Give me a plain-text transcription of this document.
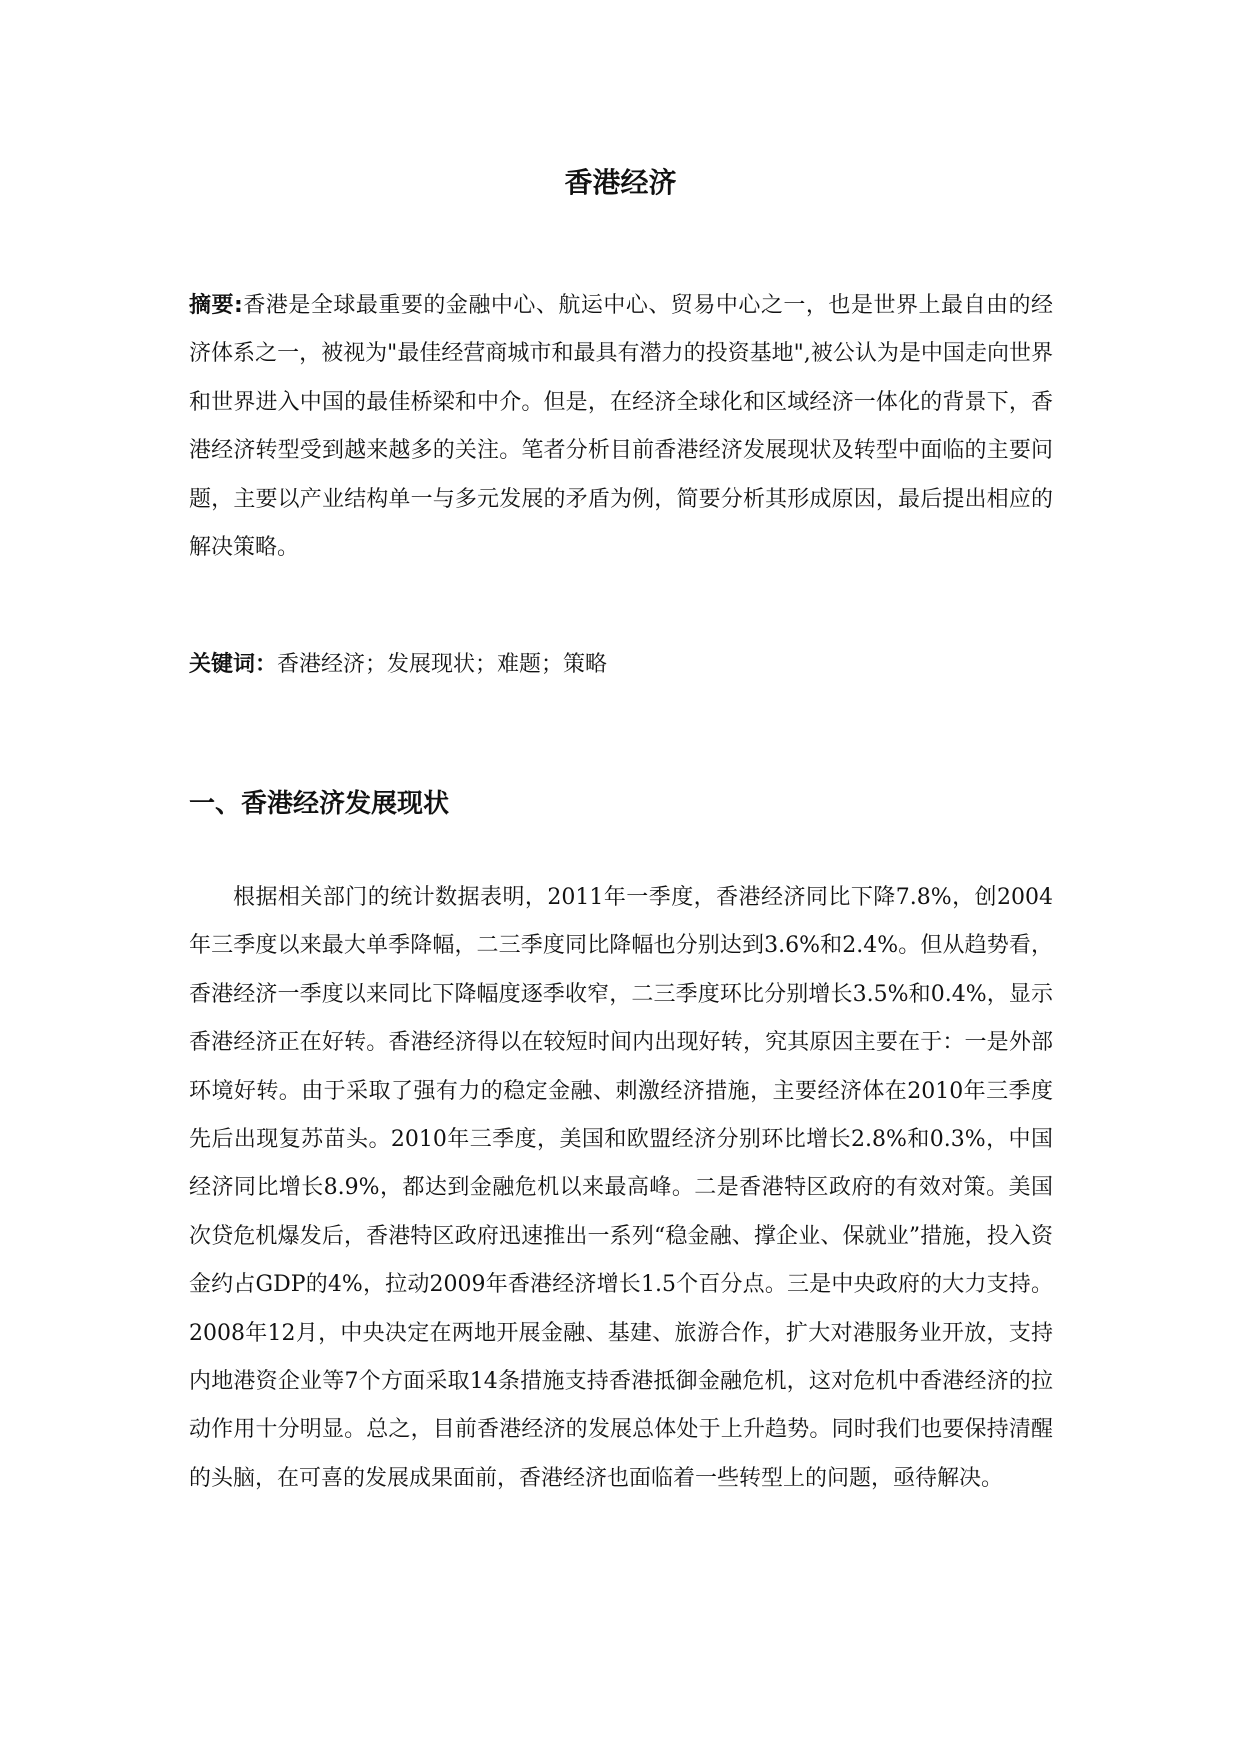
香港经济

摘要:香港是全球最重要的金融中心、航运中心、贸易中心之一，也是世界上最自由的经济体系之一，被视为"最佳经营商城市和最具有潜力的投资基地",被公认为是中国走向世界和世界进入中国的最佳桥梁和中介。但是，在经济全球化和区域经济一体化的背景下，香港经济转型受到越来越多的关注。笔者分析目前香港经济发展现状及转型中面临的主要问题，主要以产业结构单一与多元发展的矛盾为例，简要分析其形成原因，最后提出相应的解决策略。

关键词：香港经济；发展现状；难题；策略

一、香港经济发展现状

根据相关部门的统计数据表明，2011年一季度，香港经济同比下降7.8%，创2004年三季度以来最大单季降幅，二三季度同比降幅也分别达到3.6%和2.4%。但从趋势看，香港经济一季度以来同比下降幅度逐季收窄，二三季度环比分别增长3.5%和0.4%，显示香港经济正在好转。香港经济得以在较短时间内出现好转，究其原因主要在于：一是外部环境好转。由于采取了强有力的稳定金融、刺激经济措施，主要经济体在2010年三季度先后出现复苏苗头。2010年三季度，美国和欧盟经济分别环比增长2.8%和0.3%，中国经济同比增长8.9%，都达到金融危机以来最高峰。二是香港特区政府的有效对策。美国次贷危机爆发后，香港特区政府迅速推出一系列“稳金融、撑企业、保就业”措施，投入资金约占GDP的4%，拉动2009年香港经济增长1.5个百分点。三是中央政府的大力支持。2008年12月，中央决定在两地开展金融、基建、旅游合作，扩大对港服务业开放，支持内地港资企业等7个方面采取14条措施支持香港抵御金融危机，这对危机中香港经济的拉动作用十分明显。总之，目前香港经济的发展总体处于上升趋势。同时我们也要保持清醒的头脑，在可喜的发展成果面前，香港经济也面临着一些转型上的问题，亟待解决。
